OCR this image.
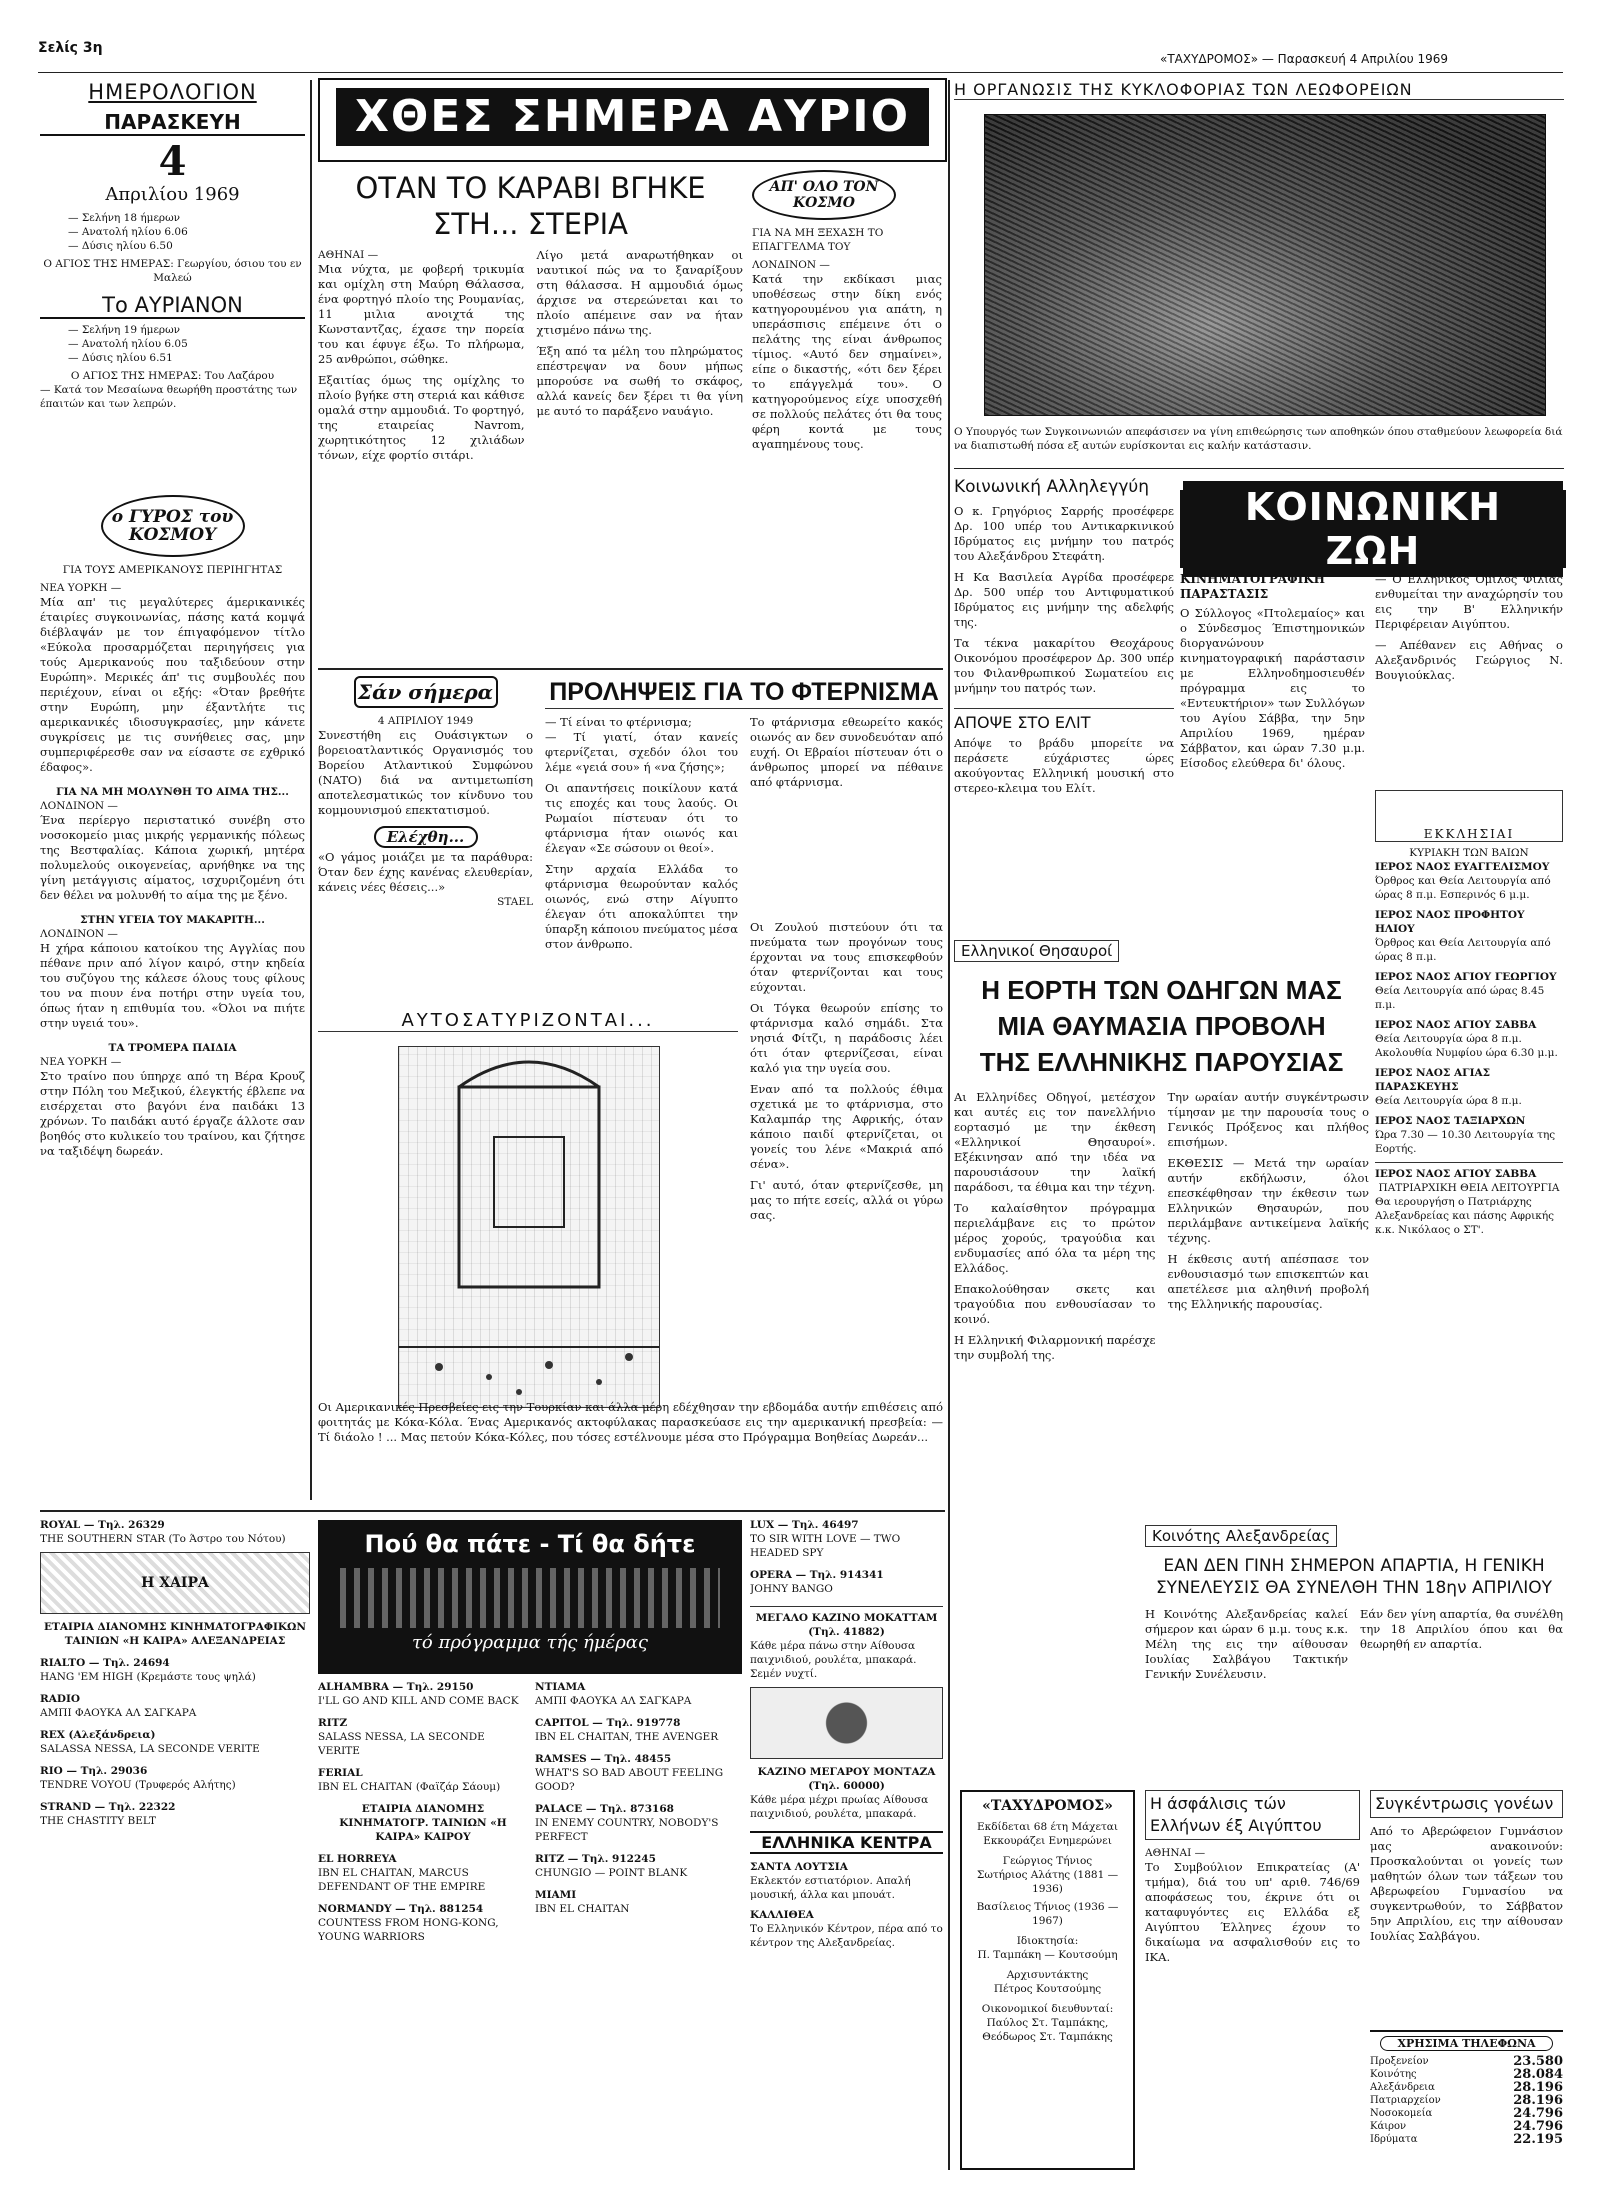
Σελίς 3η
«ΤΑΧΥΔΡΟΜΟΣ» — Παρασκευή 4 Απριλίου 1969
ΗΜΕΡΟΛΟΓΙΟΝ
ΠΑΡΑΣΚΕΥΗ
4
Απριλίου 1969
— Σελήνη 18 ήμερων
— Ανατολή ηλίου 6.06
— Δύσις ηλίου 6.50
Ο ΑΓΙΟΣ ΤΗΣ ΗΜΕΡΑΣ: Γεωργίου, όσιου του εν Μαλεώ
Το ΑΥΡΙΑΝΟΝ
— Σελήνη 19 ήμερων
— Ανατολή ηλίου 6.05
— Δύσις ηλίου 6.51
Ο ΑΓΙΟΣ ΤΗΣ ΗΜΕΡΑΣ: Του Λαζάρου
— Κατά τον Μεσαίωνα θεωρήθη προστάτης των έπαιτών και των λεπρών.
ο ΓΥΡΟΣ του ΚΟΣΜΟΥ
ΓΙΑ ΤΟΥΣ ΑΜΕΡΙΚΑΝΟΥΣ ΠΕΡΙΗΓΗΤΑΣ
ΝΕΑ ΥΟΡΚΗ —
Μία απ' τις μεγαλύτερες άμερικανικές έταιρίες συγκοινωνίας, πάσης κατά κομψά διέβλαψάν με τον έπιγαφόμενον τίτλο «Εύκολα προσαρμόζεται περιηγήσεις για τούς Αμερικανούς που ταξιδεύουν στην Ευρώπη». Μερικές άπ' τις συμβουλές που περιέχουν, είναι οι εξής: «Όταν βρεθήτε στην Ευρώπη, μην έξαντλήτε τις αμερικανικές ιδιοσυγκρασίες, μην κάνετε συγκρίσεις με τις συνήθειες σας, μην συμπεριφέρεσθε σαν να είσαστε σε εχθρικό έδαφος».
ΓΙΑ ΝΑ ΜΗ ΜΟΛΥΝΘΗ ΤΟ ΑΙΜΑ ΤΗΣ...
ΛΟΝΔΙΝΟΝ —
Ένα περίεργο περιστατικό συνέβη στο νοσοκομείο μιας μικρής γερμανικής πόλεως της Βεστφαλίας. Κάποια χωρική, μητέρα πολυμελούς οικογενείας, αρνήθηκε να της γίνη μετάγγισις αίματος, ισχυριζομένη ότι δεν θέλει να μολυνθή το αίμα της με ξένο.
ΣΤΗΝ ΥΓΕΙΑ ΤΟΥ ΜΑΚΑΡΙΤΗ...
ΛΟΝΔΙΝΟΝ —
Η χήρα κάποιου κατοίκου της Αγγλίας που πέθανε πριν από λίγον καιρό, στην κηδεία του συζύγου της κάλεσε όλους τους φίλους του να πιουν ένα ποτήρι στην υγεία του, όπως ήταν η επιθυμία του. «Όλοι να πιήτε στην υγειά του».
ΤΑ ΤΡΟΜΕΡΑ ΠΑΙΔΙΑ
ΝΕΑ ΥΟΡΚΗ —
Στο τραίνο που ύπηρχε από τη Βέρα Κρουζ στην Πόλη του Μεξικού, έλεγκτής έβλεπε να εισέρχεται στο βαγόνι ένα παιδάκι 13 χρόνων. Το παιδάκι αυτό έργαζε άλλοτε σαν βοηθός στο κυλικείο του τραίνου, και ζήτησε να ταξιδέψη δωρεάν.
ΧΘΕΣ ΣΗΜΕΡΑ ΑΥΡΙΟ
ΟΤΑΝ ΤΟ ΚΑΡΑΒΙ ΒΓΗΚΕ ΣΤΗ... ΣΤΕΡΙΑ
ΑΘΗΝΑΙ —
Μια νύχτα, με φοβερή τρικυμία και ομίχλη στη Μαύρη Θάλασσα, ένα φορτηγό πλοίο της Ρουμανίας, 11 μιλια ανοιχτά της Κωνσταντζας, έχασε την πορεία του και έφυγε έξω. Το πλήρωμα, 25 ανθρώποι, σώθηκε.
Εξαιτίας όμως της ομίχλης το πλοίο βγήκε στη στεριά και κάθισε ομαλά στην αμμουδιά. Το φορτηγό, της εταιρείας Navrom, χωρητικότητος 12 χιλιάδων τόνων, είχε φορτίο σιτάρι.
Λίγο μετά αναρωτήθηκαν οι ναυτικοί πώς να το ξαναρίξουν στη θάλασσα. Η αμμουδιά όμως άρχισε να στερεώνεται και το πλοίο απέμεινε σαν να ήταν χτισμένο πάνω της.
Έξη από τα μέλη του πληρώματος επέστρεψαν να δουν μήπως μπορούσε να σωθή το σκάφος, αλλά κανείς δεν ξέρει τι θα γίνη με αυτό το παράξενο ναυάγιο.
ΑΠ' ΟΛΟ ΤΟΝ ΚΟΣΜΟ
ΓΙΑ ΝΑ ΜΗ ΞΕΧΑΣΗ ΤΟ ΕΠΑΓΓΕΛΜΑ ΤΟΥ
ΛΟΝΔΙΝΟΝ —
Κατά την εκδίκασι μιας υποθέσεως στην δίκη ενός κατηγορουμένου για απάτη, η υπεράσπισις επέμεινε ότι ο πελάτης της είναι άνθρωπος τίμιος. «Αυτό δεν σημαίνει», είπε ο δικαστής, «ότι δεν ξέρει το επάγγελμά του». Ο κατηγορούμενος είχε υποσχεθή σε πολλούς πελάτες ότι θα τους φέρη κοντά με τους αγαπημένους τους.
Σάν σήμερα
4 ΑΠΡΙΛΙΟΥ 1949
Συνεστήθη εις Ουάσιγκτων ο βορειοατλαντικός Οργανισμός του Βορείου Ατλαντικού Συμφώνου (NATO) διά να αντιμετωπίση αποτελεσματικώς τον κίνδυνο του κομμουνισμού επεκτατισμού.
Ελέχθη...
«Ο γάμος μοιάζει με τα παράθυρα: Όταν δεν έχης κανένας ελευθερίαν, κάνεις νέες θέσεις...»
STAEL
ΠΡΟΛΗΨΕΙΣ ΓΙΑ ΤΟ ΦΤΕΡΝΙΣΜΑ
— Τί είναι το φτέρνισμα;
— Τί γιατί, όταν κανείς φτερνίζεται, σχεδόν όλοι του λέμε «γειά σου» ή «να ζήσης»;
Οι απαντήσεις ποικίλουν κατά τις εποχές και τους λαούς. Οι Ρωμαίοι πίστευαν ότι το φτάρνισμα ήταν οιωνός και έλεγαν «Σε σώσουν οι θεοί».
Στην αρχαία Ελλάδα το φτάρνισμα θεωρούνταν καλός οιωνός, ενώ στην Αίγυπτο έλεγαν ότι αποκαλύπτει την ύπαρξη κάποιου πνεύματος μέσα στον άνθρωπο.
Το φτάρνισμα εθεωρείτο κακός οιωνός αν δεν συνοδευόταν από ευχή. Οι Εβραίοι πίστευαν ότι ο άνθρωπος μπορεί να πέθαινε από φτάρνισμα.
Οι Ζουλού πιστεύουν ότι τα πνεύματα των προγόνων τους έρχονται να τους επισκεφθούν όταν φτερνίζονται και τους εύχονται.
Οι Τόγκα θεωρούν επίσης το φτάρνισμα καλό σημάδι. Στα νησιά Φίτζι, η παράδοσις λέει ότι όταν φτερνίζεσαι, είναι καλό για την υγεία σου.
Εναν από τα πολλούς έθιμα σχετικά με το φτάρνισμα, στο Καλαμπάρ της Αφρικής, όταν κάποιο παιδί φτερνίζεται, οι γονείς του λένε «Μακριά από σένα».
Γι' αυτό, όταν φτερνίζεσθε, μη μας το πήτε εσείς, αλλά οι γύρω σας.
ΑΥΤΟΣΑΤΥΡΙΖΟΝΤΑΙ...
Οι Αμερικανικές Πρεσβείες εις την Τουρκίαν και άλλα μέρη εδέχθησαν την εβδομάδα αυτήν επιθέσεις από φοιτητάς με Κόκα-Κόλα. Ένας Αμερικανός ακτοφύλακας παρασκεύασε εις την αμερικανική πρεσβεία: — Τί διάολο ! ... Μας πετούν Κόκα-Κόλες, που τόσες εστέλνουμε μέσα στο Πρόγραμμα Βοηθείας Δωρεάν...
Η ΟΡΓΑΝΩΣΙΣ ΤΗΣ ΚΥΚΛΟΦΟΡΙΑΣ ΤΩΝ ΛΕΩΦΟΡΕΙΩΝ
Ο Υπουργός των Συγκοινωνιών απεφάσισεν να γίνη επιθεώρησις των αποθηκών όπου σταθμεύουν λεωφορεία διά να διαπιστωθή πόσα εξ αυτών ευρίσκονται εις καλήν κατάστασιν.
Κοινωνική Αλληλεγγύη
Ο κ. Γρηγόριος Σαρρής προσέφερε Δρ. 100 υπέρ του Αντικαρκινικού Ιδρύματος εις μνήμην του πατρός του Αλεξάνδρου Στεφάτη.
Η Κα Βασιλεία Αγρίδα προσέφερε Δρ. 500 υπέρ του Αντιφυματικού Ιδρύματος εις μνήμην της αδελφής της.
Τα τέκνα μακαρίτου Θεοχάρους Οικονόμου προσέφερον Δρ. 300 υπέρ του Φιλανθρωπικού Σωματείου εις μνήμην του πατρός των.
ΑΠΟΨΕ ΣΤΟ ΕΛΙΤ
Απόψε το βράδυ μπορείτε να περάσετε εύχάριστες ώρες ακούγοντας Ελληνική μουσική στο στερεο-κλειμα του Ελίτ.
ΚΟΙΝΩΝΙΚΗ ΖΩΗ
ΚΙΝΗΜΑΤΟΓΡΑΦΙΚΗ ΠΑΡΑΣΤΑΣΙΣ
Ο Σύλλογος «Πτολεμαίος» και ο Σύνδεσμος Έπιστημονικών διοργανώνουν κινηματογραφική παράστασιν με Ελληνοδημοσιευθέν πρόγραμμα εις το «Εντευκτήριον» των Συλλόγων του Αγίου Σάββα, την 5ην Απριλίου 1969, ημέραν Σάββατον, και ώραν 7.30 μ.μ. Είσοδος ελεύθερα δι' όλους.
— Ο Ελληνικός Όμιλος Φιλίας ενθυμείται την αναχώρησίν του εις την Β' Ελληνικήν Περιφέρειαν Αιγύπτου.
— Απέθανεν εις Αθήνας ο Αλεξανδρινός Γεώργιος Ν. Βουγιούκλας.
ΕΚΚΛΗΣΙΑΙ
ΚΥΡΙΑΚΗ ΤΩΝ ΒΑΙΩΝ
ΙΕΡΟΣ ΝΑΟΣ ΕΥΑΓΓΕΛΙΣΜΟΥ
Όρθρος και Θεία Λειτουργία από ώρας 8 π.μ. Εσπερινός 6 μ.μ.
ΙΕΡΟΣ ΝΑΟΣ ΠΡΟΦΗΤΟΥ ΗΛΙΟΥ
Όρθρος και Θεία Λειτουργία από ώρας 8 π.μ.
ΙΕΡΟΣ ΝΑΟΣ ΑΓΙΟΥ ΓΕΩΡΓΙΟΥ
Θεία Λειτουργία από ώρας 8.45 π.μ.
ΙΕΡΟΣ ΝΑΟΣ ΑΓΙΟΥ ΣΑΒΒΑ
Θεία Λειτουργία ώρα 8 π.μ. Ακολουθία Νυμφίου ώρα 6.30 μ.μ.
ΙΕΡΟΣ ΝΑΟΣ ΑΓΙΑΣ ΠΑΡΑΣΚΕΥΗΣ
Θεία Λειτουργία ώρα 8 π.μ.
ΙΕΡΟΣ ΝΑΟΣ ΤΑΞΙΑΡΧΩΝ
Ώρα 7.30 — 10.30 Λειτουργία της Εορτής.
ΙΕΡΟΣ ΝΑΟΣ ΑΓΙΟΥ ΣΑΒΒΑ
ΠΑΤΡΙΑΡΧΙΚΗ ΘΕΙΑ ΛΕΙΤΟΥΡΓΙΑ
Θα ιερουργήση ο Πατριάρχης Αλεξανδρείας και πάσης Αφρικής κ.κ. Νικόλαος ο ΣΤ'.
Ελληνικοί Θησαυροί
Η ΕΟΡΤΗ ΤΩΝ ΟΔΗΓΩΝ ΜΑΣ
ΜΙΑ ΘΑΥΜΑΣΙΑ ΠΡΟΒΟΛΗ
ΤΗΣ ΕΛΛΗΝΙΚΗΣ ΠΑΡΟΥΣΙΑΣ
Αι Ελληνίδες Οδηγοί, μετέσχον και αυτές εις τον πανελλήνιο εορτασμό με την έκθεση «Ελληνικοί Θησαυροί». Εξέκινησαν από την ιδέα να παρουσιάσουν την λαϊκή παράδοσι, τα έθιμα και την τέχνη.
Το καλαίσθητον πρόγραμμα περιελάμβανε εις το πρώτον μέρος χορούς, τραγούδια και ενδυμασίες από όλα τα μέρη της Ελλάδος.
Επακολούθησαν σκετς και τραγούδια που ενθουσίασαν το κοινό.
Η Ελληνική Φιλαρμονική παρέσχε την συμβολή της.
Την ωραίαν αυτήν συγκέντρωσιν τίμησαν με την παρουσία τους ο Γενικός Πρόξενος και πλήθος επισήμων.
ΕΚΘΕΣΙΣ — Μετά την ωραίαν αυτήν εκδήλωσιν, όλοι επεσκέφθησαν την έκθεσιν των Ελληνικών Θησαυρών, που περιλάμβανε αντικείμενα λαϊκής τέχνης.
Η έκθεσις αυτή απέσπασε τον ενθουσιασμό των επισκεπτών και απετέλεσε μια αληθινή προβολή της Ελληνικής παρουσίας.
ROYAL — Τηλ. 26329
THE SOUTHERN STAR (Το Άστρο του Νότου)
Η ΧΑΙΡΑ
ΕΤΑΙΡΙΑ ΔΙΑΝΟΜΗΣ ΚΙΝΗΜΑΤΟΓΡΑΦΙΚΩΝ ΤΑΙΝΙΩΝ «Η ΚΑΙΡΑ» ΑΛΕΞΑΝΔΡΕΙΑΣ
RIALTO — Τηλ. 24694
HANG 'EM HIGH (Κρεμάστε τους ψηλά)
RADIO
ΑΜΠΙ ΦΑΟΥΚΑ ΑΛ ΣΑΓΚΑΡΑ
REX (Αλεξάνδρεια)
SALASSA NESSA, LA SECONDE VERITE
RIO — Τηλ. 29036
TENDRE VOYOU (Τρυφερός Αλήτης)
STRAND — Τηλ. 22322
THE CHASTITY BELT
Πού θα πάτε - Τί θα δήτε
τό πρόγραμμα τής ήμέρας
ALHAMBRA — Τηλ. 29150
I'LL GO AND KILL AND COME BACK
RITZ
SALASS NESSA, LA SECONDE VERITE
FERIAL
IBN EL CHAITAN (Φαϊζάρ Σάουμ)
ΕΤΑΙΡΙΑ ΔΙΑΝΟΜΗΣ ΚΙΝΗΜΑΤΟΓΡ. ΤΑΙΝΙΩΝ «Η ΚΑΙΡΑ» ΚΑΙΡΟΥ
EL HORREYA
IBN EL CHAITAN, MARCUS DEFENDANT OF THE EMPIRE
NORMANDY — Τηλ. 881254
COUNTESS FROM HONG-KONG, YOUNG WARRIORS
ΝΤΙΑΜΑ
ΑΜΠΙ ΦΑΟΥΚΑ ΑΛ ΣΑΓΚΑΡΑ
CAPITOL — Τηλ. 919778
IBN EL CHAITAN, THE AVENGER
RAMSES — Τηλ. 48455
WHAT'S SO BAD ABOUT FEELING GOOD?
PALACE — Τηλ. 873168
IN ENEMY COUNTRY, NOBODY'S PERFECT
RITZ — Τηλ. 912245
CHUNGIO — POINT BLANK
MIAMI
IBN EL CHAITAN
LUX — Τηλ. 46497
TO SIR WITH LOVE — TWO HEADED SPY
OPERA — Τηλ. 914341
JOHNY BANGO
ΜΕΓΑΛΟ ΚΑΖΙΝΟ ΜΟΚΑΤΤΑΜ (Τηλ. 41882)
Κάθε μέρα πάνω στην Αίθουσα παιχνιδιού, ρουλέτα, μπακαρά. Σεμέν νυχτί.
ΚΑΖΙΝΟ ΜΕΓΑΡΟΥ ΜΟΝΤΑΖΑ (Τηλ. 60000)
Κάθε μέρα μέχρι πρωίας Αίθουσα παιχνιδιού, ρουλέτα, μπακαρά.
ΕΛΛΗΝΙΚΑ ΚΕΝΤΡΑ
ΣΑΝΤΑ ΛΟΥΤΣΙΑ
Εκλεκτόν εστιατόριον. Απαλή μουσική, άλλα και μπουάτ.
ΚΑΛΛΙΘΕΑ
Το Ελληνικόν Κέντρον, πέρα από το κέντρον της Αλεξανδρείας.
«ΤΑΧΥΔΡΟΜΟΣ»
Εκδίδεται 68 έτη Μάχεται Εκκουράζει Ενημερώνει
Γεώργιος Τήνιος
Σωτήριος Αλάτης (1881 — 1936)
Βασίλειος Τήνιος (1936 — 1967)
Ιδιοκτησία:
Π. Ταμπάκη — Κουτσούμη
Αρχισυντάκτης
Πέτρος Κουτσούμης
Οικονομικοί διευθυνταί:
Παύλος Στ. Ταμπάκης, Θεόδωρος Στ. Ταμπάκης
Κοινότης Αλεξανδρείας
ΕΑΝ ΔΕΝ ΓΙΝΗ ΣΗΜΕΡΟΝ ΑΠΑΡΤΙΑ, Η ΓΕΝΙΚΗ ΣΥΝΕΛΕΥΣΙΣ ΘΑ ΣΥΝΕΛΘΗ ΤΗΝ 18ην ΑΠΡΙΛΙΟΥ
Η Κοινότης Αλεξανδρείας καλεί σήμερον και ώραν 6 μ.μ. τους κ.κ. Μέλη της εις την αίθουσαν Ιουλίας Σαλβάγου Τακτικήν Γενικήν Συνέλευσιν.
Εάν δεν γίνη απαρτία, θα συνέλθη την 18 Απριλίου όπου και θα θεωρηθή εν απαρτία.
Η άσφάλισις τών Ελλήνων έξ Αιγύπτου
ΑΘΗΝΑΙ —
Το Συμβούλιον Επικρατείας (Α' τμήμα), διά του υπ' αριθ. 746/69 αποφάσεως του, έκρινε ότι οι καταφυγόντες εις Ελλάδα εξ Αιγύπτου Έλληνες έχουν το δικαίωμα να ασφαλισθούν εις το ΙΚΑ.
Συγκέντρωσις γονέων
Από το Αβερώφειον Γυμνάσιον μας ανακοινούν: Προσκαλούνται οι γονείς των μαθητών όλων των τάξεων του Αβερωφείου Γυμνασίου να συγκεντρωθούν, το Σάββατον 5ην Απριλίου, εις την αίθουσαν Ιουλίας Σαλβάγου.
ΧΡΗΣΙΜΑ ΤΗΛΕΦΩΝΑ
Προξενείον	23.580
Κοινότης	28.084
Αλεξάνδρεια	28.196
Πατριαρχείον	28.196
Νοσοκομεία	24.796
Κάιρον	24.796
Ιδρύματα	22.195
